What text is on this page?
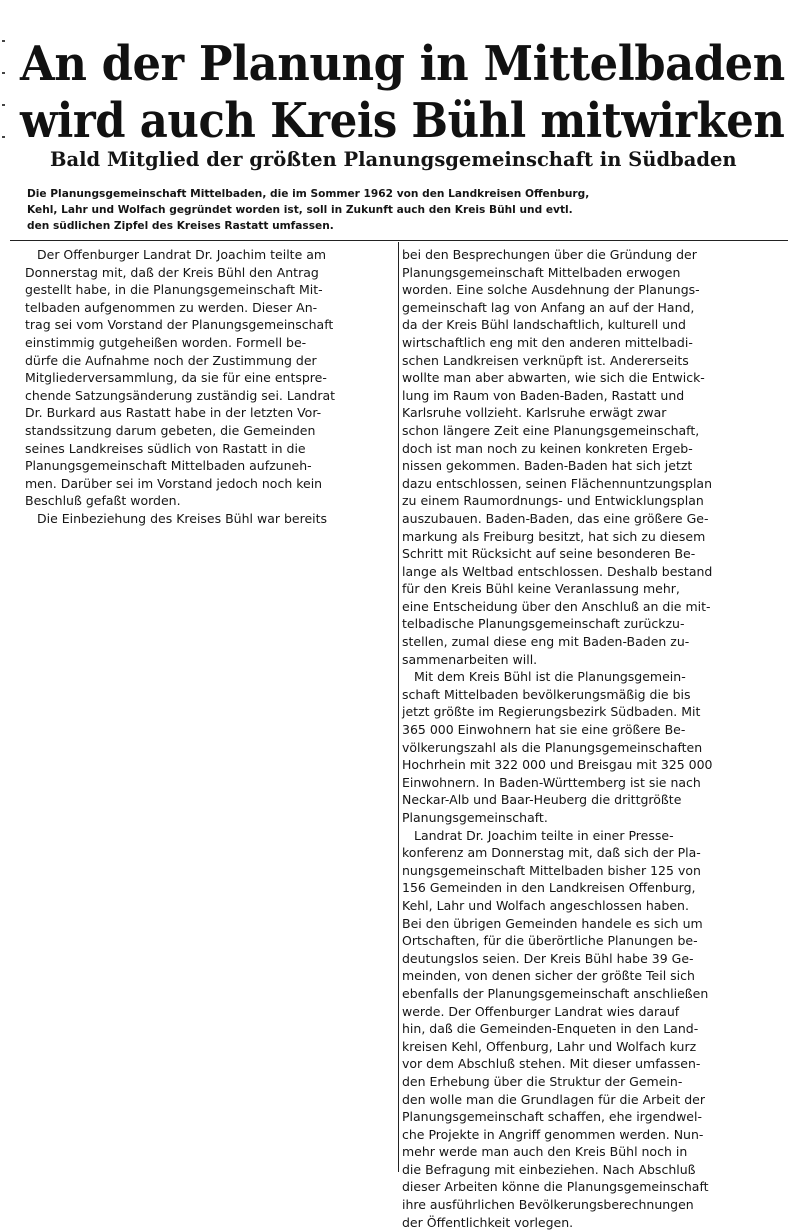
An der Planung in Mittelbaden
wird auch Kreis Bühl mitwirken
Bald Mitglied der größten Planungsgemeinschaft in Südbaden
Die Planungsgemeinschaft Mittelbaden, die im Sommer 1962 von den Landkreisen Offenburg,
Kehl, Lahr und Wolfach gegründet worden ist, soll in Zukunft auch den Kreis Bühl und evtl.
den südlichen Zipfel des Kreises Rastatt umfassen.
Der Offenburger Landrat Dr. Joachim teilte am
Donnerstag mit, daß der Kreis Bühl den Antrag
gestellt habe, in die Planungsgemeinschaft Mit-
telbaden aufgenommen zu werden. Dieser An-
trag sei vom Vorstand der Planungsgemeinschaft
einstimmig gutgeheißen worden. Formell be-
dürfe die Aufnahme noch der Zustimmung der
Mitgliederversammlung, da sie für eine entspre-
chende Satzungsänderung zuständig sei. Landrat
Dr. Burkard aus Rastatt habe in der letzten Vor-
standssitzung darum gebeten, die Gemeinden
seines Landkreises südlich von Rastatt in die
Planungsgemeinschaft Mittelbaden aufzuneh-
men. Darüber sei im Vorstand jedoch noch kein
Beschluß gefaßt worden.
Die Einbeziehung des Kreises Bühl war bereits
bei den Besprechungen über die Gründung der
Planungsgemeinschaft Mittelbaden erwogen
worden. Eine solche Ausdehnung der Planungs-
gemeinschaft lag von Anfang an auf der Hand,
da der Kreis Bühl landschaftlich, kulturell und
wirtschaftlich eng mit den anderen mittelbadi-
schen Landkreisen verknüpft ist. Andererseits
wollte man aber abwarten, wie sich die Entwick-
lung im Raum von Baden-Baden, Rastatt und
Karlsruhe vollzieht. Karlsruhe erwägt zwar
schon längere Zeit eine Planungsgemeinschaft,
doch ist man noch zu keinen konkreten Ergeb-
nissen gekommen. Baden-Baden hat sich jetzt
dazu entschlossen, seinen Flächennuntzungsplan
zu einem Raumordnungs- und Entwicklungsplan
auszubauen. Baden-Baden, das eine größere Ge-
markung als Freiburg besitzt, hat sich zu diesem
Schritt mit Rücksicht auf seine besonderen Be-
lange als Weltbad entschlossen. Deshalb bestand
für den Kreis Bühl keine Veranlassung mehr,
eine Entscheidung über den Anschluß an die mit-
telbadische Planungsgemeinschaft zurückzu-
stellen, zumal diese eng mit Baden-Baden zu-
sammenarbeiten will.
Mit dem Kreis Bühl ist die Planungsgemein-
schaft Mittelbaden bevölkerungsmäßig die bis
jetzt größte im Regierungsbezirk Südbaden. Mit
365 000 Einwohnern hat sie eine größere Be-
völkerungszahl als die Planungsgemeinschaften
Hochrhein mit 322 000 und Breisgau mit 325 000
Einwohnern. In Baden-Württemberg ist sie nach
Neckar-Alb und Baar-Heuberg die drittgrößte
Planungsgemeinschaft.
Landrat Dr. Joachim teilte in einer Presse-
konferenz am Donnerstag mit, daß sich der Pla-
nungsgemeinschaft Mittelbaden bisher 125 von
156 Gemeinden in den Landkreisen Offenburg,
Kehl, Lahr und Wolfach angeschlossen haben.
Bei den übrigen Gemeinden handele es sich um
Ortschaften, für die überörtliche Planungen be-
deutungslos seien. Der Kreis Bühl habe 39 Ge-
meinden, von denen sicher der größte Teil sich
ebenfalls der Planungsgemeinschaft anschließen
werde. Der Offenburger Landrat wies darauf
hin, daß die Gemeinden-Enqueten in den Land-
kreisen Kehl, Offenburg, Lahr und Wolfach kurz
vor dem Abschluß stehen. Mit dieser umfassen-
den Erhebung über die Struktur der Gemein-
den wolle man die Grundlagen für die Arbeit der
Planungsgemeinschaft schaffen, ehe irgendwel-
che Projekte in Angriff genommen werden. Nun-
mehr werde man auch den Kreis Bühl noch in
die Befragung mit einbeziehen. Nach Abschluß
dieser Arbeiten könne die Planungsgemeinschaft
ihre ausführlichen Bevölkerungsberechnungen
der Öffentlichkeit vorlegen.
